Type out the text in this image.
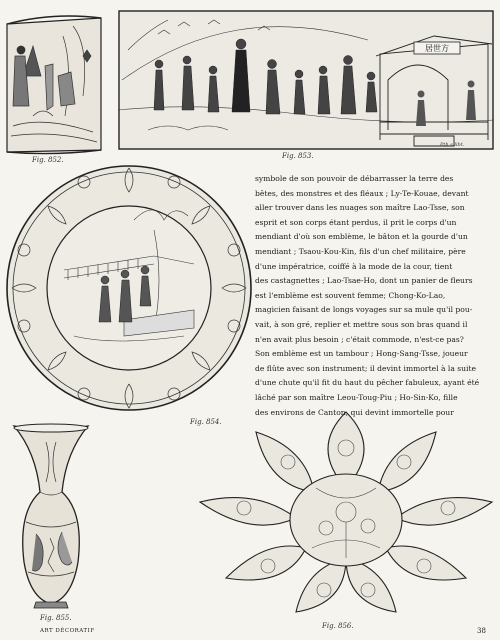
Fig. 852.
居世方
Fig. 853.
Pth.s.libt.
Fig. 854.
Fig. 855.
Fig. 856.
symbole de son pouvoir de débarrasser la terre des
bêtes, des monstres et des fléaux ; Ly-Te-Kouae, devant
aller trouver dans les nuages son maître Lao-Tsse, son
esprit et son corps étant perdus, il prit le corps d'un
mendiant d'où son emblème, le bâton et la gourde d'un
mendiant ; Tsaou-Kou-Kin, fils d'un chef militaire, père
d'une impératrice, coiffé à la mode de la cour, tient
des castagnettes ; Lao-Tsae-Ho, dont un panier de fleurs
est l'emblème est souvent femme; Chong-Ko-Lao,
magicien faisant de longs voyages sur sa mule qu'il pou-
vait, à son gré, replier et mettre sous son bras quand il
n'en avait plus besoin ; c'était commode, n'est-ce pas?
Son emblème est un tambour ; Hong-Sang-Tsse, joueur
de flûte avec son instrument; il devint immortel à la suite
d'une chute qu'il fit du haut du pêcher fabuleux, ayant été
lâché par son maître Leou-Toug-Piu ; Ho-Sin-Ko, fille
des environs de Canton, qui devint immortelle pour
ART DÉCORATIF	38
